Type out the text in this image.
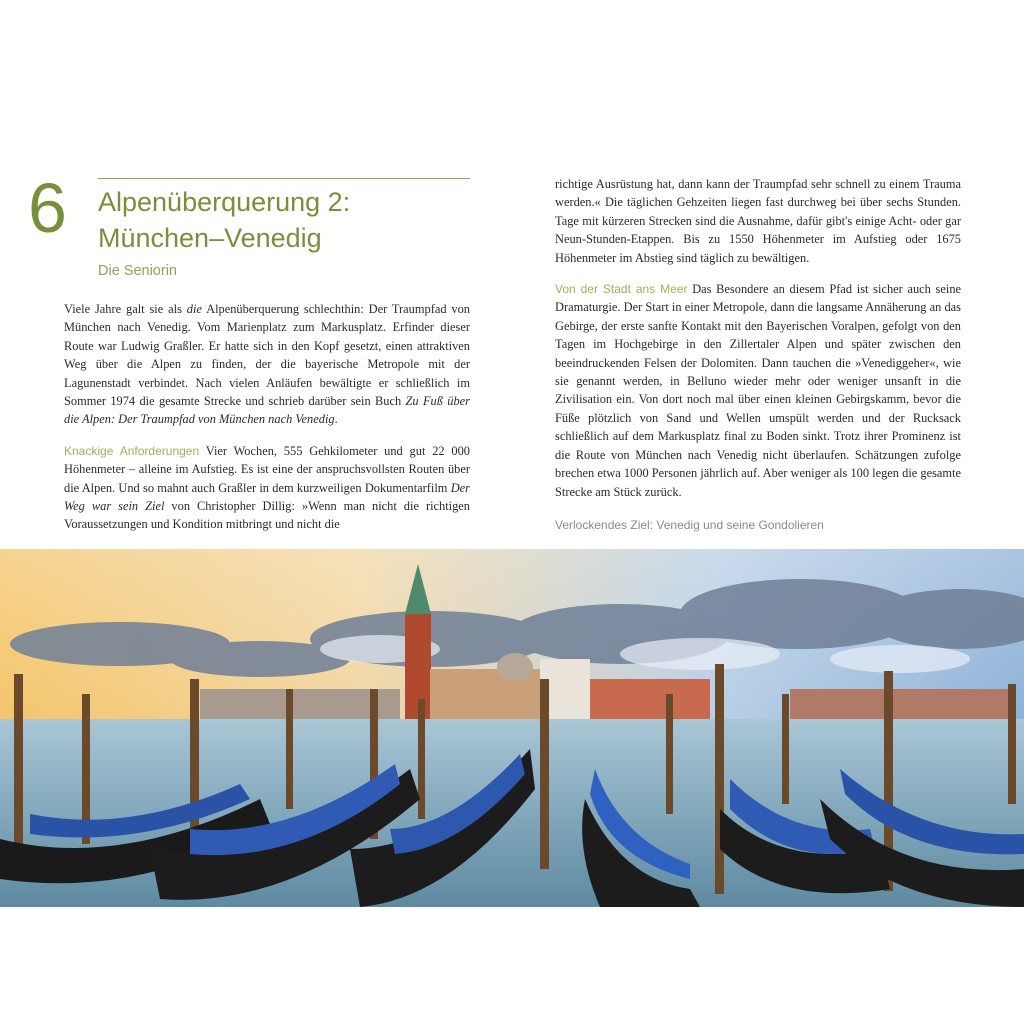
6 Alpenüberquerung 2:
München–Venedig
Die Seniorin

Viele Jahre galt sie als die Alpenüberquerung schlechthin: Der Traumpfad von München nach Venedig. Vom Marienplatz zum Markusplatz. Erfinder dieser Route war Ludwig Graßler. Er hatte sich in den Kopf gesetzt, einen attraktiven Weg über die Alpen zu finden, der die bayerische Metropole mit der Lagunenstadt verbindet. Nach vielen Anläufen bewältigte er schließlich im Sommer 1974 die gesamte Strecke und schrieb darüber sein Buch Zu Fuß über die Alpen: Der Traumpfad von München nach Venedig.

Knackige Anforderungen Vier Wochen, 555 Gehkilometer und gut 22 000 Höhenmeter – alleine im Aufstieg. Es ist eine der anspruchsvollsten Routen über die Alpen. Und so mahnt auch Graßler in dem kurzweiligen Dokumentarfilm Der Weg war sein Ziel von Christopher Dillig: »Wenn man nicht die richtigen Voraussetzungen und Kondition mitbringt und nicht die

richtige Ausrüstung hat, dann kann der Traumpfad sehr schnell zu einem Trauma werden.« Die täglichen Gehzeiten liegen fast durchweg bei über sechs Stunden. Tage mit kürzeren Strecken sind die Ausnahme, dafür gibt's einige Acht- oder gar Neun-Stunden-Etappen. Bis zu 1550 Höhenmeter im Aufstieg oder 1675 Höhenmeter im Abstieg sind täglich zu bewältigen.

Von der Stadt ans Meer Das Besondere an diesem Pfad ist sicher auch seine Dramaturgie. Der Start in einer Metropole, dann die langsame Annäherung an das Gebirge, der erste sanfte Kontakt mit den Bayerischen Voralpen, gefolgt von den Tagen im Hochgebirge in den Zillertaler Alpen und später zwischen den beeindruckenden Felsen der Dolomiten. Dann tauchen die »Venediggeher«, wie sie genannt werden, in Belluno wieder mehr oder weniger unsanft in die Zivilisation ein. Von dort noch mal über einen kleinen Gebirgskamm, bevor die Füße plötzlich von Sand und Wellen umspült werden und der Rucksack schließlich auf dem Markusplatz final zu Boden sinkt. Trotz ihrer Prominenz ist die Route von München nach Venedig nicht überlaufen. Schätzungen zufolge brechen etwa 1000 Personen jährlich auf. Aber weniger als 100 legen die gesamte Strecke am Stück zurück.

Verlockendes Ziel: Venedig und seine Gondolieren
